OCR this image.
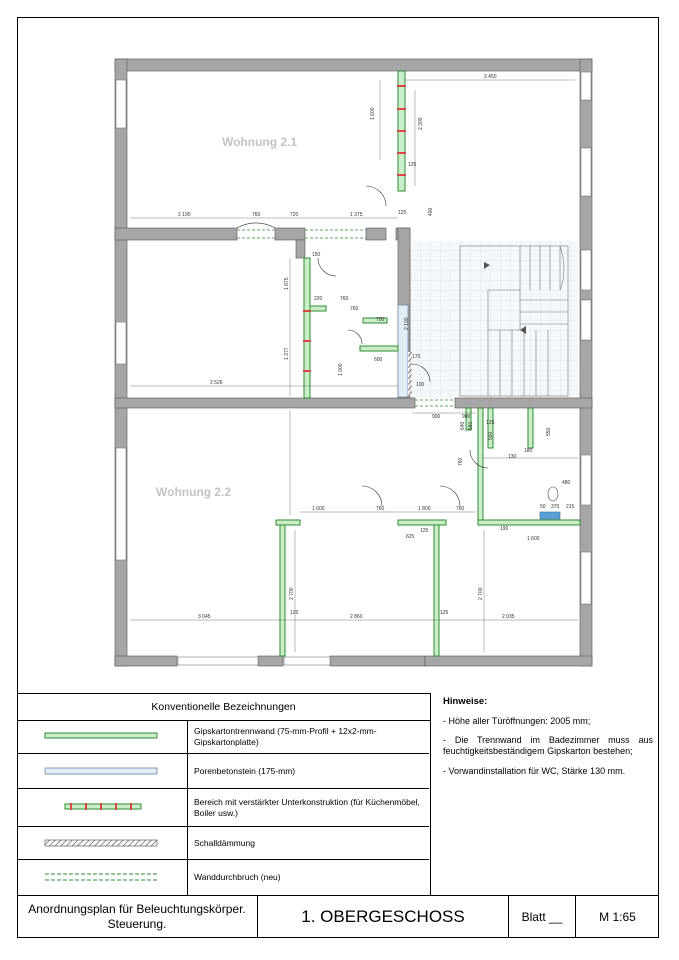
3 450
1 600
2 300
125
400
2 190	760	720	1 375	125
150
220	760
700
760
1 875
1 377
1 000
600
2 526
2 190
170
100
900	900
125
640
550
130
550
1 600	760	760
480
1 800
625
125	190
50 370 215
1 600
2 700	2 700
125
3 045	2 860	2 035
125
760
550
180
Wohnung 2.1
Wohnung 2.2
Konventionelle Bezeichnungen
Gipskartontrennwand (75-mm-Profil + 12x2-mm-Gipskartonplatte)
Porenbetonstein (175-mm)
Bereich mit verstärkter Unterkonstruktion (für Küchenmöbel, Boiler usw.)
Schalldämmung
Wanddurchbruch (neu)
Hinweise:

- Höhe aller Türöffnungen: 2005 mm;

- Die Trennwand im Badezimmer muss aus feuchtigkeitsbeständigem Gipskarton bestehen;

- Vorwandinstallation für WC, Stärke 130 mm.

Anordnungsplan für Beleuchtungskörper. Steuerung.	1. OBERGESCHOSS	Blatt __	M 1:65
